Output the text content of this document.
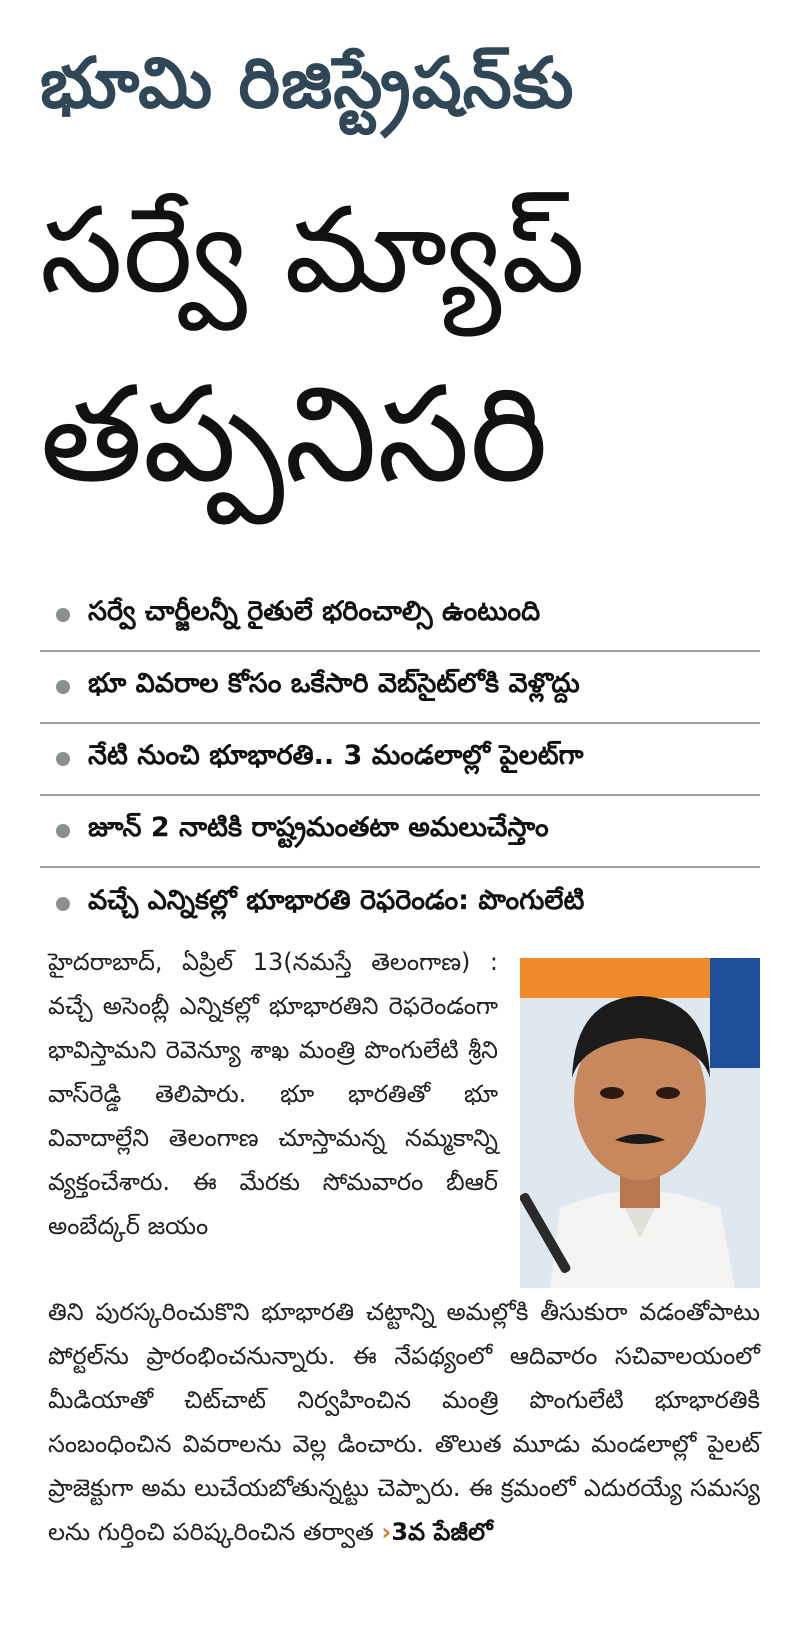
భూమి రిజిస్ట్రేషన్‌కు
సర్వే మ్యాప్
తప్పనిసరి
సర్వే చార్జీలన్నీ రైతులే భరించాల్సి ఉంటుంది
భూ వివరాల కోసం ఒకేసారి వెబ్‌సైట్‌లోకి వెళ్లొద్దు
నేటి నుంచి భూభారతి.. 3 మండలాల్లో పైలట్‌గా
జూన్ 2 నాటికి రాష్ట్రమంతటా అమలుచేస్తాం
వచ్చే ఎన్నికల్లో భూభారతి రెఫరెండం: పొంగులేటి
హైదరాబాద్, ఏప్రిల్ 13(నమస్తే తెలంగాణ) : వచ్చే అసెంబ్లీ ఎన్నికల్లో భూభారతిని రెఫరెండంగా భావిస్తామని రెవెన్యూ శాఖ మంత్రి పొంగులేటి శ్రీని వాస్‌రెడ్డి తెలిపారు. భూ భారతితో భూ వివాదాల్లేని తెలంగాణ చూస్తామన్న నమ్మకాన్ని వ్యక్తంచేశారు. ఈ మేరకు సోమవారం బీఆర్ అంబేద్కర్ జయం
తిని పురస్కరించుకొని భూభారతి చట్టాన్ని అమల్లోకి తీసుకురా వడంతోపాటు పోర్టల్‌ను ప్రారంభించనున్నారు. ఈ నేపథ్యంలో ఆదివారం సచివాలయంలో మీడియాతో చిట్‌చాట్ నిర్వహించిన మంత్రి పొంగులేటి భూభారతికి సంబంధించిన వివరాలను వెల్ల డించారు. తొలుత మూడు మండలాల్లో పైలట్ ప్రాజెక్టుగా అమ లుచేయబోతున్నట్టు చెప్పారు. ఈ క్రమంలో ఎదురయ్యే సమస్య లను గుర్తించి పరిష్కరించిన తర్వాత ›3వ పేజీలో
